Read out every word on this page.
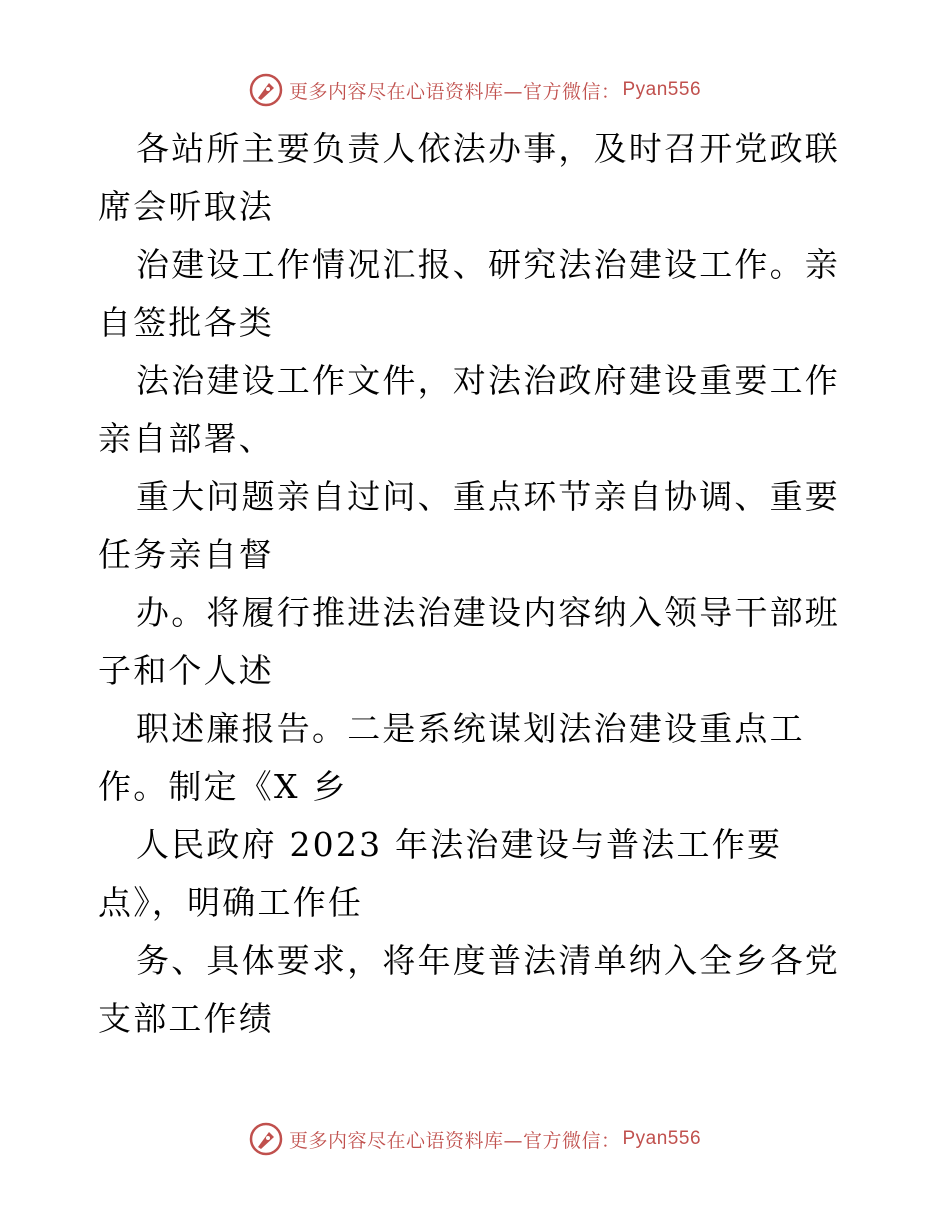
更多内容尽在心语资料库—官方微信： Pyan556

各站所主要负责人依法办事，及时召开党政联席会听取法

治建设工作情况汇报、研究法治建设工作。亲自签批各类

法治建设工作文件，对法治政府建设重要工作亲自部署、

重大问题亲自过问、重点环节亲自协调、重要任务亲自督

办。将履行推进法治建设内容纳入领导干部班子和个人述

职述廉报告。二是系统谋划法治建设重点工作。制定《X 乡

人民政府 2023 年法治建设与普法工作要点》，明确工作任

务、具体要求，将年度普法清单纳入全乡各党支部工作绩

更多内容尽在心语资料库—官方微信： Pyan556
